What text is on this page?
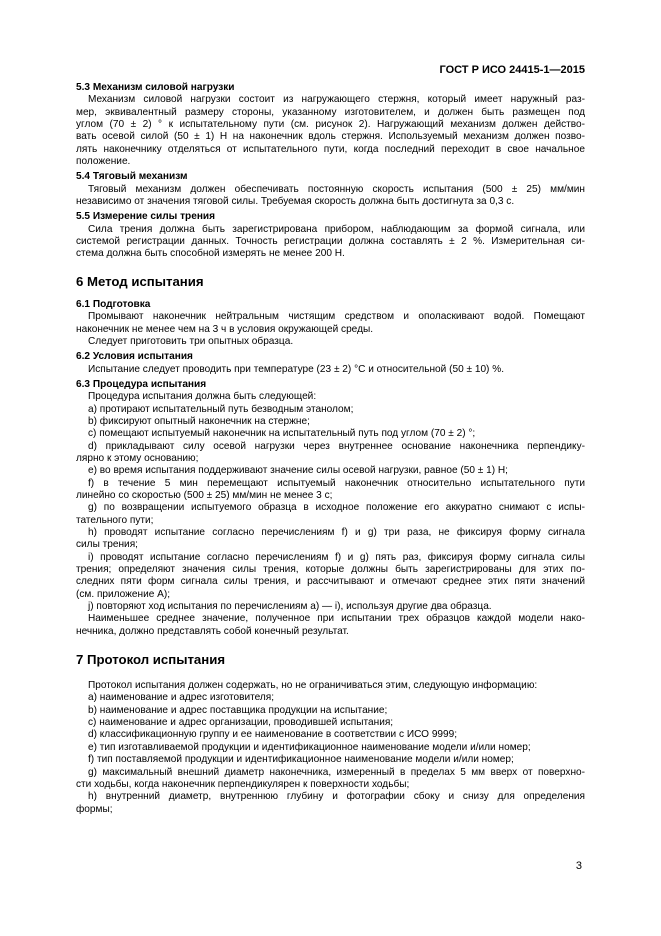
ГОСТ Р ИСО 24415-1—2015
5.3 Механизм силовой нагрузки
Механизм силовой нагрузки состоит из нагружающего стержня, который имеет наружный раз-
мер, эквивалентный размеру стороны, указанному изготовителем, и должен быть размещен под
углом (70 ± 2) ° к испытательному пути (см. рисунок 2). Нагружающий механизм должен действо-
вать осевой силой (50 ± 1) Н на наконечник вдоль стержня. Используемый механизм должен позво-
лять наконечнику отделяться от испытательного пути, когда последний переходит в свое начальное
положение.
5.4 Тяговый механизм
Тяговый механизм должен обеспечивать постоянную скорость испытания (500 ± 25) мм/мин
независимо от значения тяговой силы. Требуемая скорость должна быть достигнута за 0,3 с.
5.5 Измерение силы трения
Сила трения должна быть зарегистрирована прибором, наблюдающим за формой сигнала, или
системой регистрации данных. Точность регистрации должна составлять ± 2 %. Измерительная си-
стема должна быть способной измерять не менее 200 Н.
6 Метод испытания
6.1 Подготовка
Промывают наконечник нейтральным чистящим средством и ополаскивают водой. Помещают
наконечник не менее чем на 3 ч в условия окружающей среды.
Следует приготовить три опытных образца.
6.2 Условия испытания
Испытание следует проводить при температуре (23 ± 2) °С и относительной (50 ± 10) %.
6.3 Процедура испытания
Процедура испытания должна быть следующей:
a) протирают испытательный путь безводным этанолом;
b) фиксируют опытный наконечник на стержне;
c) помещают испытуемый наконечник на испытательный путь под углом (70 ± 2) °;
d) прикладывают силу осевой нагрузки через внутреннее основание наконечника перпендику-
лярно к этому основанию;
e) во время испытания поддерживают значение силы осевой нагрузки, равное (50 ± 1) Н;
f) в течение 5 мин перемещают испытуемый наконечник относительно испытательного пути
линейно со скоростью (500 ± 25) мм/мин не менее 3 с;
g) по возвращении испытуемого образца в исходное положение его аккуратно снимают с испы-
тательного пути;
h) проводят испытание согласно перечислениям f) и g) три раза, не фиксируя форму сигнала
силы трения;
i) проводят испытание согласно перечислениям f) и g) пять раз, фиксируя форму сигнала силы
трения; определяют значения силы трения, которые должны быть зарегистрированы для этих по-
следних пяти форм сигнала силы трения, и рассчитывают и отмечают среднее этих пяти значений
(см. приложение А);
j) повторяют ход испытания по перечислениям а) — i), используя другие два образца.
Наименьшее среднее значение, полученное при испытании трех образцов каждой модели нако-
нечника, должно представлять собой конечный результат.
7 Протокол испытания
Протокол испытания должен содержать, но не ограничиваться этим, следующую информацию:
а) наименование и адрес изготовителя;
b) наименование и адрес поставщика продукции на испытание;
c) наименование и адрес организации, проводившей испытания;
d) классификационную группу и ее наименование в соответствии с ИСО 9999;
e) тип изготавливаемой продукции и идентификационное наименование модели и/или номер;
f) тип поставляемой продукции и идентификационное наименование модели и/или номер;
g) максимальный внешний диаметр наконечника, измеренный в пределах 5 мм вверх от поверхно-
сти ходьбы, когда наконечник перпендикулярен к поверхности ходьбы;
h) внутренний диаметр, внутреннюю глубину и фотографии сбоку и снизу для определения
формы;
3
